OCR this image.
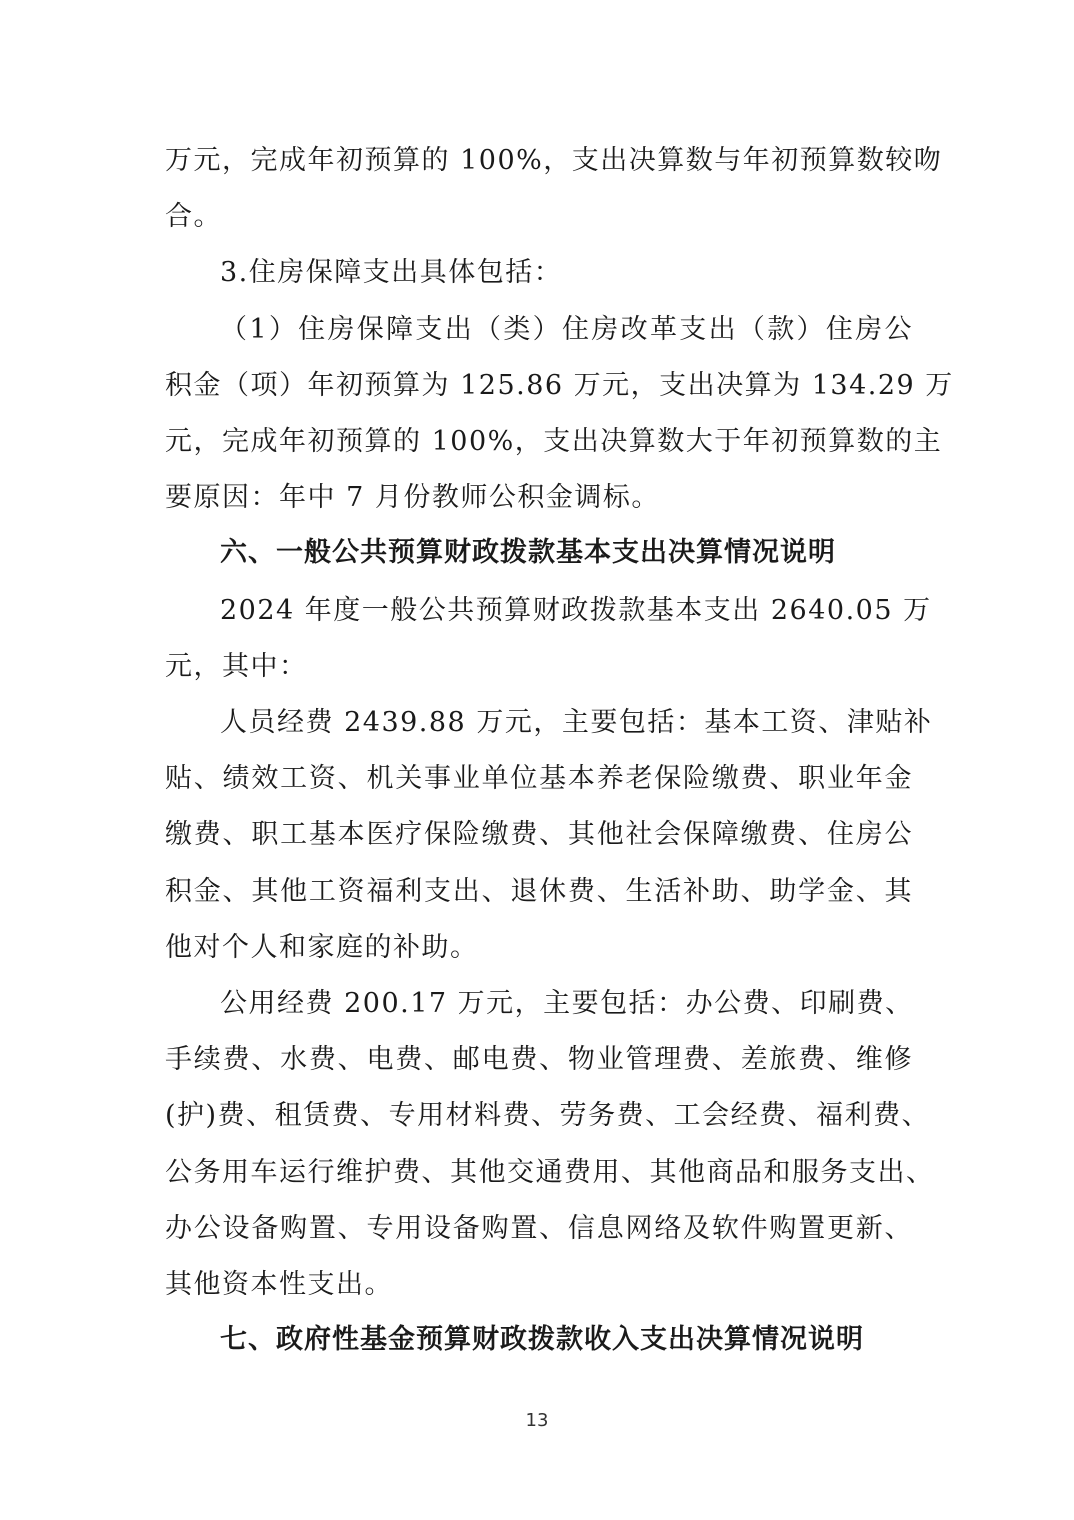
万元，完成年初预算的 100%，支出决算数与年初预算数较吻
合。
3.住房保障支出具体包括：
（1）住房保障支出（类）住房改革支出（款）住房公
积金（项）年初预算为 125.86 万元，支出决算为 134.29 万
元，完成年初预算的 100%，支出决算数大于年初预算数的主
要原因：年中 7 月份教师公积金调标。
六、一般公共预算财政拨款基本支出决算情况说明
2024 年度一般公共预算财政拨款基本支出 2640.05 万
元，其中：
人员经费 2439.88 万元，主要包括：基本工资、津贴补
贴、绩效工资、机关事业单位基本养老保险缴费、职业年金
缴费、职工基本医疗保险缴费、其他社会保障缴费、住房公
积金、其他工资福利支出、退休费、生活补助、助学金、其
他对个人和家庭的补助。
公用经费 200.17 万元，主要包括：办公费、印刷费、
手续费、水费、电费、邮电费、物业管理费、差旅费、维修
(护)费、租赁费、专用材料费、劳务费、工会经费、福利费、
公务用车运行维护费、其他交通费用、其他商品和服务支出、
办公设备购置、专用设备购置、信息网络及软件购置更新、
其他资本性支出。
七、政府性基金预算财政拨款收入支出决算情况说明
13
